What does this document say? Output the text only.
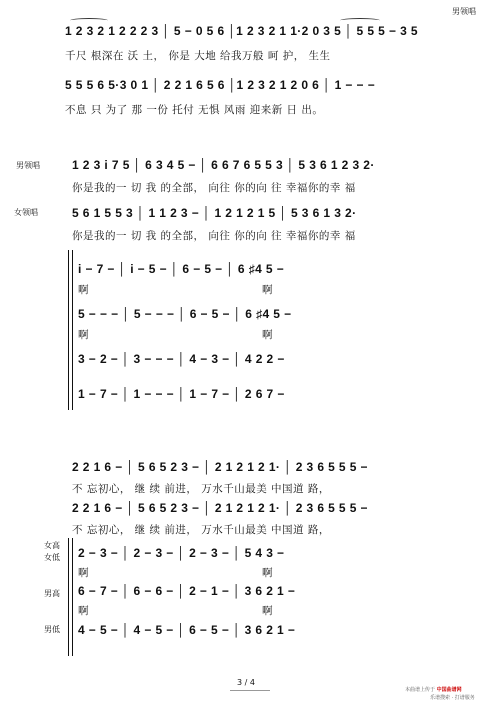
男领唱
1 2 3 2 1 2 2 2 3 │ 5 − 0 5 6 │1 2 3 2 1 1·2 0 3 5 │ 5 5 5 − 3 5
千尺 根深在 沃 土， 你是 大地 给我万般 呵 护， 生生
5 5 5 6 5·3 0 1 │ 2 2 1 6 5 6 │1 2 3 2 1 2 0 6 │ 1 − − −
不息 只 为了 那 一份 托付 无惧 风雨 迎来新 日 出。
男领唱
女领唱
1 2 3 i 7 5 │ 6 3 4 5 − │ 6 6 7 6 5 5 3 │ 5 3 6 1 2 3 2·
你是我的一 切 我 的全部， 向往 你的向 往 幸福你的幸 福
5 6 1 5 5 3 │ 1 1 2 3 − │ 1 2 1 2 1 5 │ 5 3 6 1 3 2·
你是我的一 切 我 的全部， 向往 你的向 往 幸福你的幸 福
i − 7 − │ i − 5 − │ 6 − 5 − │ 6 ♯4 5 −
啊	啊
5 − − − │ 5 − − − │ 6 − 5 − │ 6 ♯4 5 −
啊	啊
3 − 2 − │ 3 − − − │ 4 − 3 − │ 4 2 2 −
1 − 7 − │ 1 − − − │ 1 − 7 − │ 2 6 7 −
2 2 1 6 − │ 5 6 5 2 3 − │ 2 1 2 1 2 1· │ 2 3 6 5 5 5 −
不 忘初心， 继 续 前进， 万水千山最美 中国道 路，
2 2 1 6 − │ 5 6 5 2 3 − │ 2 1 2 1 2 1· │ 2 3 6 5 5 5 −
不 忘初心， 继 续 前进， 万水千山最美 中国道 路，
女高
女低
男高
男低
2 − 3 − │ 2 − 3 − │ 2 − 3 − │ 5 4 3 −
啊	啊
6 − 7 − │ 6 − 6 − │ 2 − 1 − │ 3 6 2 1 −
啊	啊
4 − 5 − │ 4 − 5 − │ 6 − 5 − │ 3 6 2 1 −
3 / 4
本曲谱上传于 中国曲谱网
乐谱搜索 · 打谱服务
